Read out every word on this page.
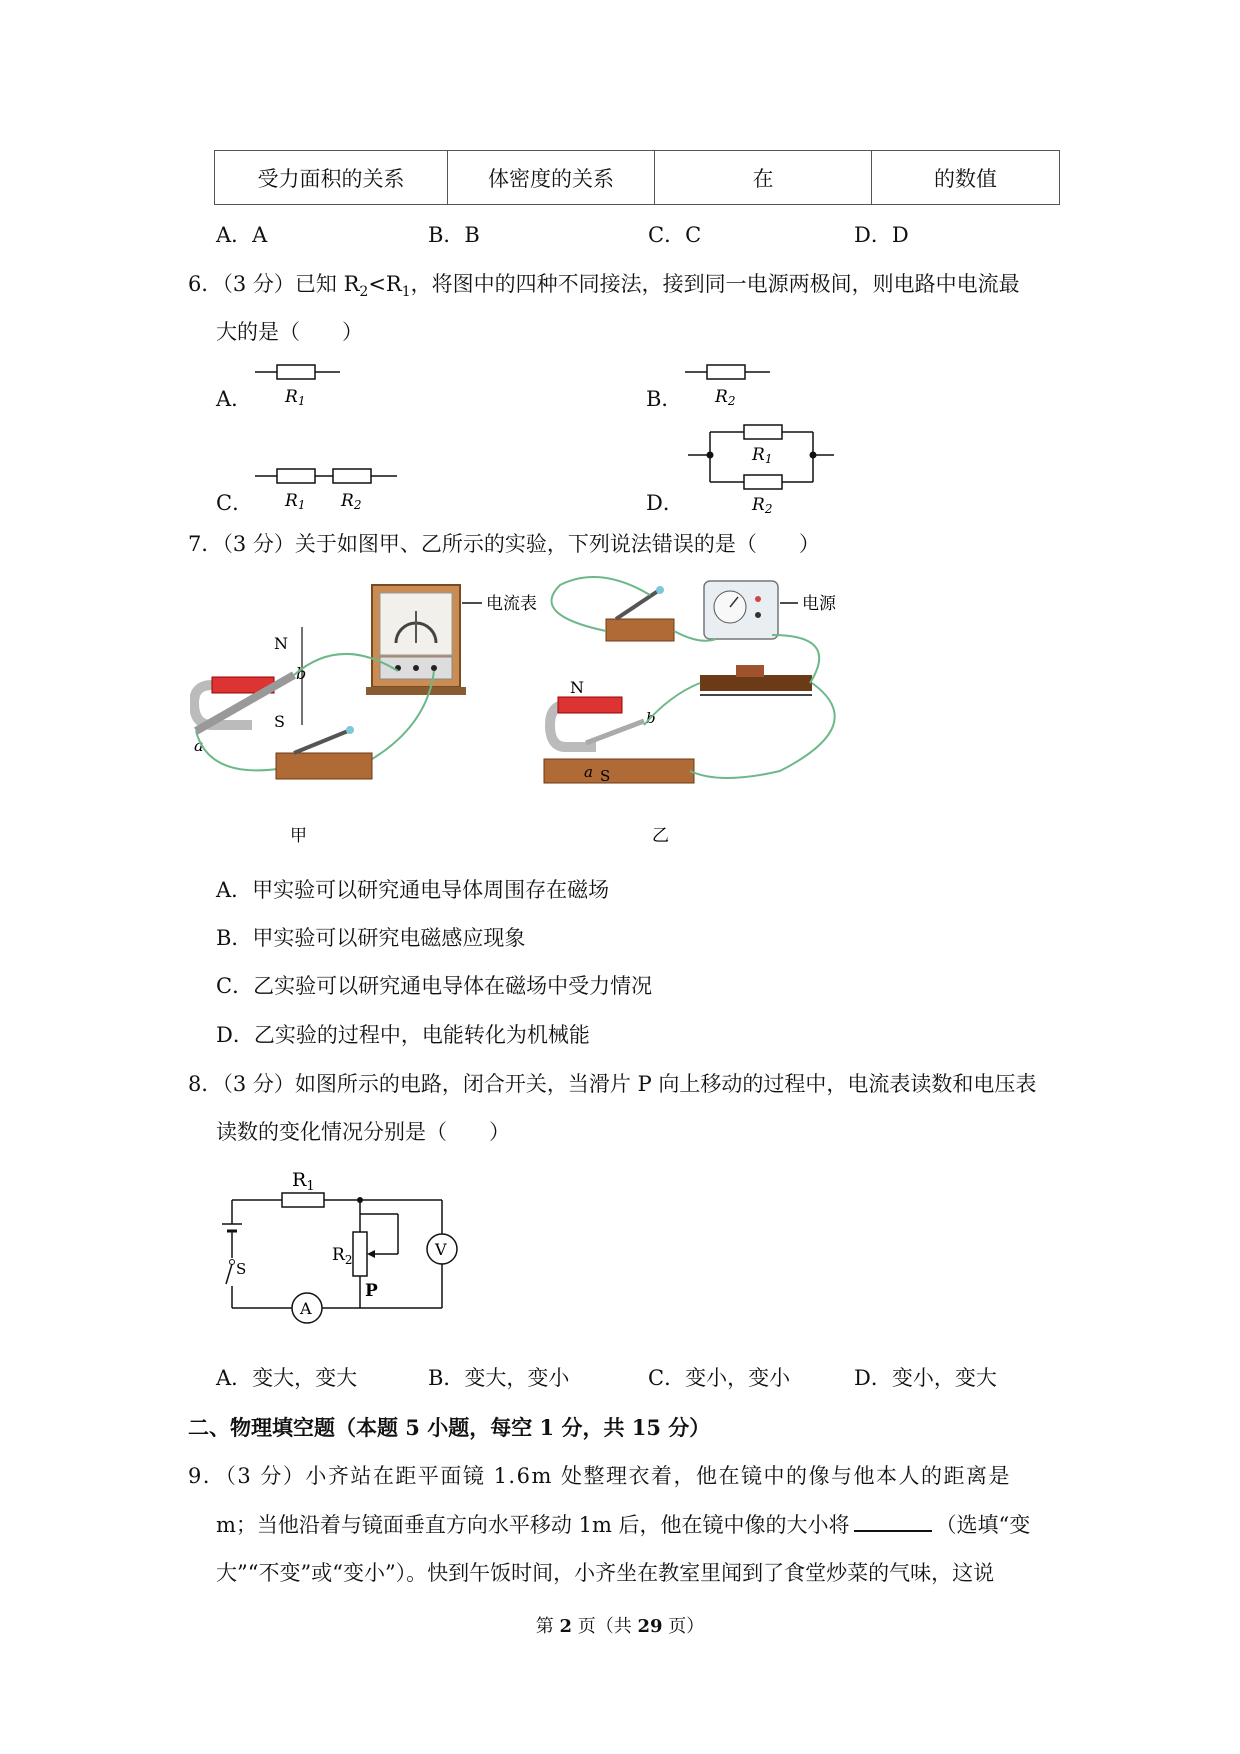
受力面积的关系	体密度的关系	在	的数值
A．A	B．B	C．C	D．D
6．（3 分）已知 $R_2<R_1$，将图中的四种不同接法，接到同一电源两极间，则电路中电流最
大的是（　　）
A．	B．
C．	D．
R1	R2
R1 R2
R1
R2
7．（3 分）关于如图甲、乙所示的实验，下列说法错误的是（　　）
电流表
N
S
a
b
甲
电源
N
S
a
b
乙
A．甲实验可以研究通电导体周围存在磁场
B．甲实验可以研究电磁感应现象
C．乙实验可以研究通电导体在磁场中受力情况
D．乙实验的过程中，电能转化为机械能
8．（3 分）如图所示的电路，闭合开关，当滑片 P 向上移动的过程中，电流表读数和电压表
读数的变化情况分别是（　　）
$R_1$
S
A
V
$R_2$
P
A．变大，变大	B．变大，变小	C．变小，变小	D．变小，变大
二、物理填空题（本题 5 小题，每空 1 分，共 15 分）
9．（3 分）小齐站在距平面镜 1.6m 处整理衣着，他在镜中的像与他本人的距离是
m；当他沿着与镜面垂直方向水平移动 1m 后，他在镜中像的大小将	（选填“变
大”“不变”或“变小”）。快到午饭时间，小齐坐在教室里闻到了食堂炒菜的气味，这说
第 2 页（共 29 页）
